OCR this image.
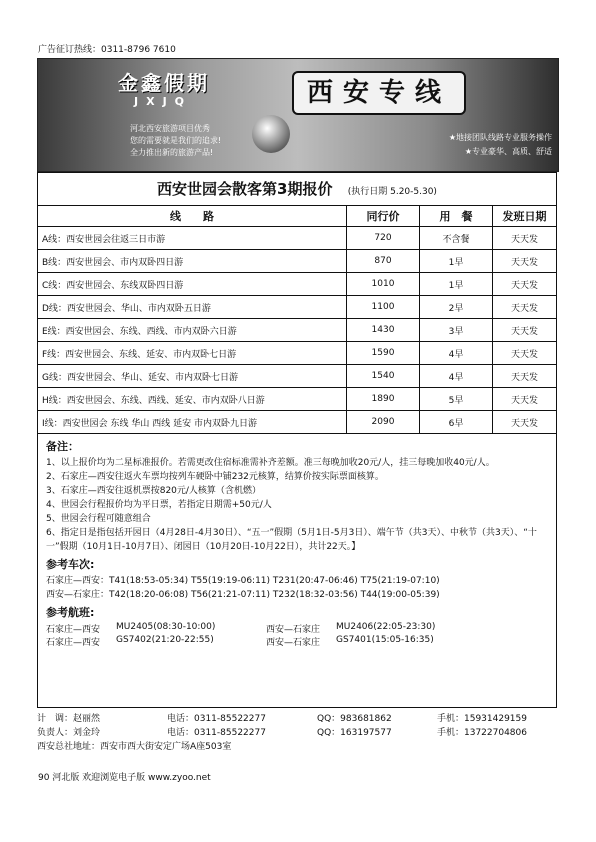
广告征订热线：0311-8796 7610
金鑫假期
JXJQ
河北西安旅游项目优秀
您的需要就是我们的追求!
全力推出新的旅游产品!
西安专线
★地接团队线路专业服务操作
★专业豪华、高质、舒适
西安世园会散客第3期报价 (执行日期 5.20-5.30)
线　　路	同行价	用　餐	发班日期
A线：西安世园会往返三日市游	720	不含餐	天天发
B线：西安世园会、市内双卧四日游	870	1早	天天发
C线：西安世园会、东线双卧四日游	1010	1早	天天发
D线：西安世园会、华山、市内双卧五日游	1100	2早	天天发
E线：西安世园会、东线、西线、市内双卧六日游	1430	3早	天天发
F线：西安世园会、东线、延安、市内双卧七日游	1590	4早	天天发
G线：西安世园会、华山、延安、市内双卧七日游	1540	4早	天天发
H线：西安世园会、东线、西线、延安、市内双卧八日游	1890	5早	天天发
I线：西安世园会 东线 华山 西线 延安 市内双卧九日游	2090	6早	天天发
备注：

1、以上报价均为二星标准报价。若需更改住宿标准需补齐差额。准三每晚加收20元/人，挂三每晚加收40元/人。

2、石家庄—西安往返火车票均按列车硬卧中铺232元核算，结算价按实际票面核算。

3、石家庄—西安往返机票按820元/人核算（含机燃）

4、世园会行程报价均为平日票，若指定日期需+50元/人

5、世园会行程可随意组合

6、指定日是指包括开园日（4月28日-4月30日）、“五一”假期（5月1日-5月3日）、端午节（共3天）、中秋节（共3天）、“十一”假期（10月1日-10月7日）、闭园日（10月20日-10月22日），共计22天。】

参考车次:

石家庄—西安：T41(18:53-05:34) T55(19:19-06:11) T231(20:47-06:46) T75(21:19-07:10)

西安—石家庄：T42(18:20-06:08) T56(21:21-07:11) T232(18:32-03:56) T44(19:00-05:39)

参考航班:
石家庄—西安	MU2405(08:30-10:00)	西安—石家庄	MU2406(22:05-23:30)
石家庄—西安	GS7402(21:20-22:55)	西安—石家庄	GS7401(15:05-16:35)
计　调：赵丽然	电话：0311-85522277	QQ：983681862	手机：15931429159
负责人：刘金玲	电话：0311-85522277	QQ：163197577	手机：13722704806
西安总社地址：西安市西大街安定广场A座503室
90 河北版 欢迎浏览电子版 www.zyoo.net
